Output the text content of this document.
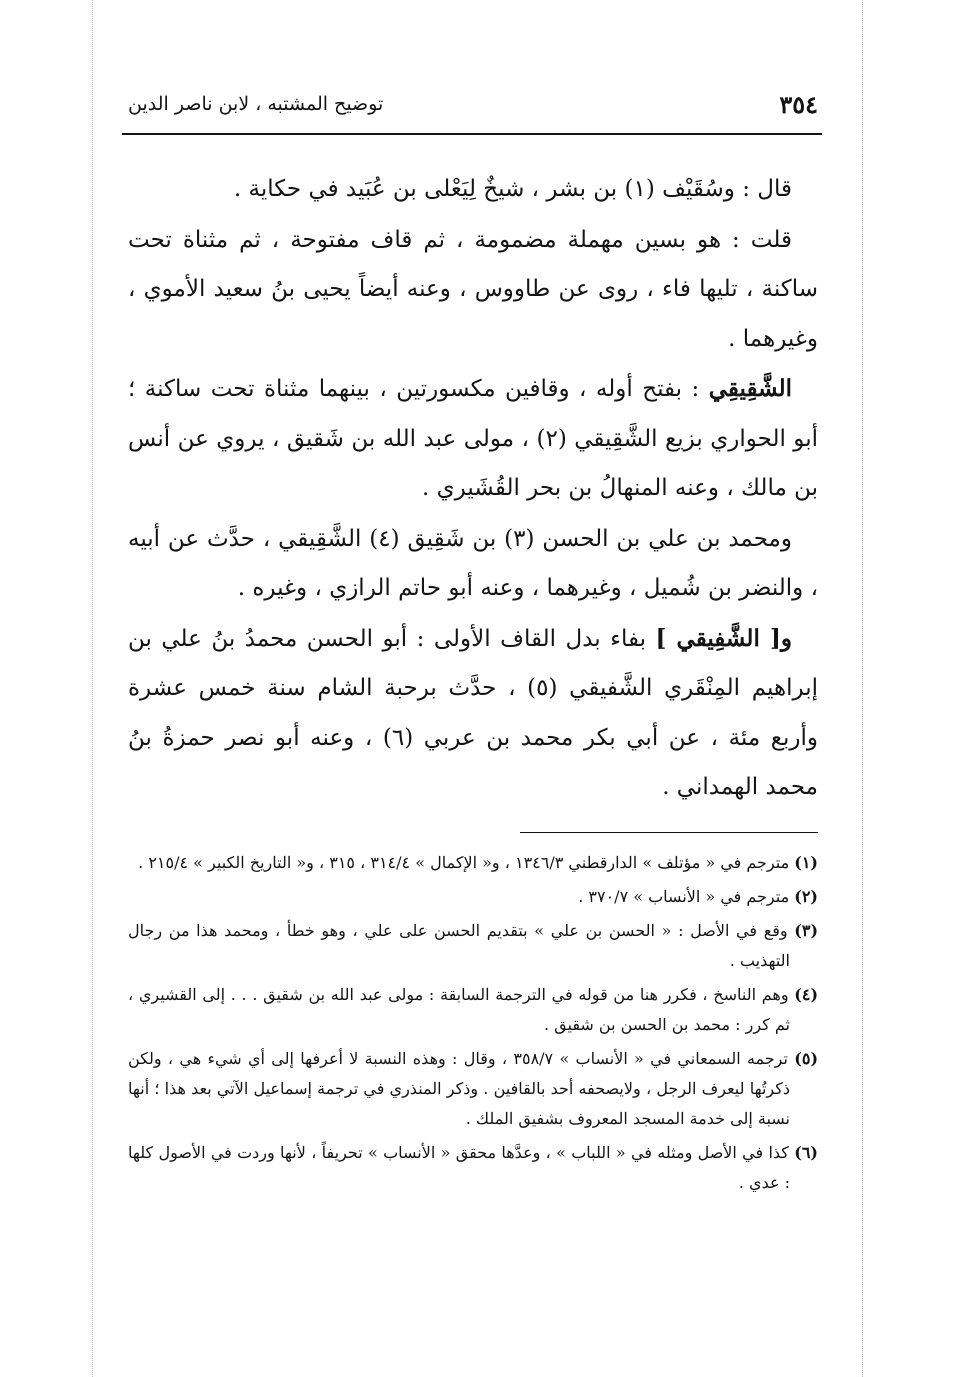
٣٥٤
توضيح المشتبه ، لابن ناصر الدين

قال : وسُقَيْف (١) بن بشر ، شيخٌ لِيَعْلى بن عُبَيد في حكاية .

قلت : هو بسين مهملة مضمومة ، ثم قاف مفتوحة ، ثم مثناة تحت ساكنة ، تليها فاء ، روى عن طاووس ، وعنه أيضاً يحيى بنُ سعيد الأموي ، وغيرهما .

الشَّقِيقِي : بفتح أوله ، وقافين مكسورتين ، بينهما مثناة تحت ساكنة ؛ أبو الحواري بزيع الشَّقِيقي (٢) ، مولى عبد الله بن شَقيق ، يروي عن أنس بن مالك ، وعنه المنهالُ بن بحر القُشَيري .

ومحمد بن علي بن الحسن (٣) بن شَقِيق (٤) الشَّقِيقي ، حدَّث عن أبيه ، والنضر بن شُميل ، وغيرهما ، وعنه أبو حاتم الرازي ، وغيره .

و[ الشَّفِيقي ] بفاء بدل القاف الأولى : أبو الحسن محمدُ بنُ علي بن إبراهيم المِنْقَري الشَّفيقي (٥) ، حدَّث برحبة الشام سنة خمس عشرة وأربع مئة ، عن أبي بكر محمد بن عربي (٦) ، وعنه أبو نصر حمزةُ بنُ محمد الهمداني .

(١) مترجم في « مؤتلف » الدارقطني ١٣٤٦/٣ ، و« الإكمال » ٣١٤/٤ ، ٣١٥ ، و« التاريخ الكبير » ٢١٥/٤ .

(٢) مترجم في « الأنساب » ٣٧٠/٧ .

(٣) وقع في الأصل : « الحسن بن علي » بتقديم الحسن على علي ، وهو خطأ ، ومحمد هذا من رجال التهذيب .

(٤) وهم الناسخ ، فكرر هنا من قوله في الترجمة السابقة : مولى عبد الله بن شقيق . . . إلى القشيري ، ثم كرر : محمد بن الحسن بن شقيق .

(٥) ترجمه السمعاني في « الأنساب » ٣٥٨/٧ ، وقال : وهذه النسبة لا أعرفها إلى أي شيء هي ، ولكن ذكرتُها ليعرف الرجل ، ولايصحفه أحد بالقافين . وذكر المنذري في ترجمة إسماعيل الآتي بعد هذا ؛ أنها نسبة إلى خدمة المسجد المعروف بشفيق الملك .

(٦) كذا في الأصل ومثله في « اللباب » ، وعدَّها محقق « الأنساب » تحريفاً ، لأنها وردت في الأصول كلها : عدي .
